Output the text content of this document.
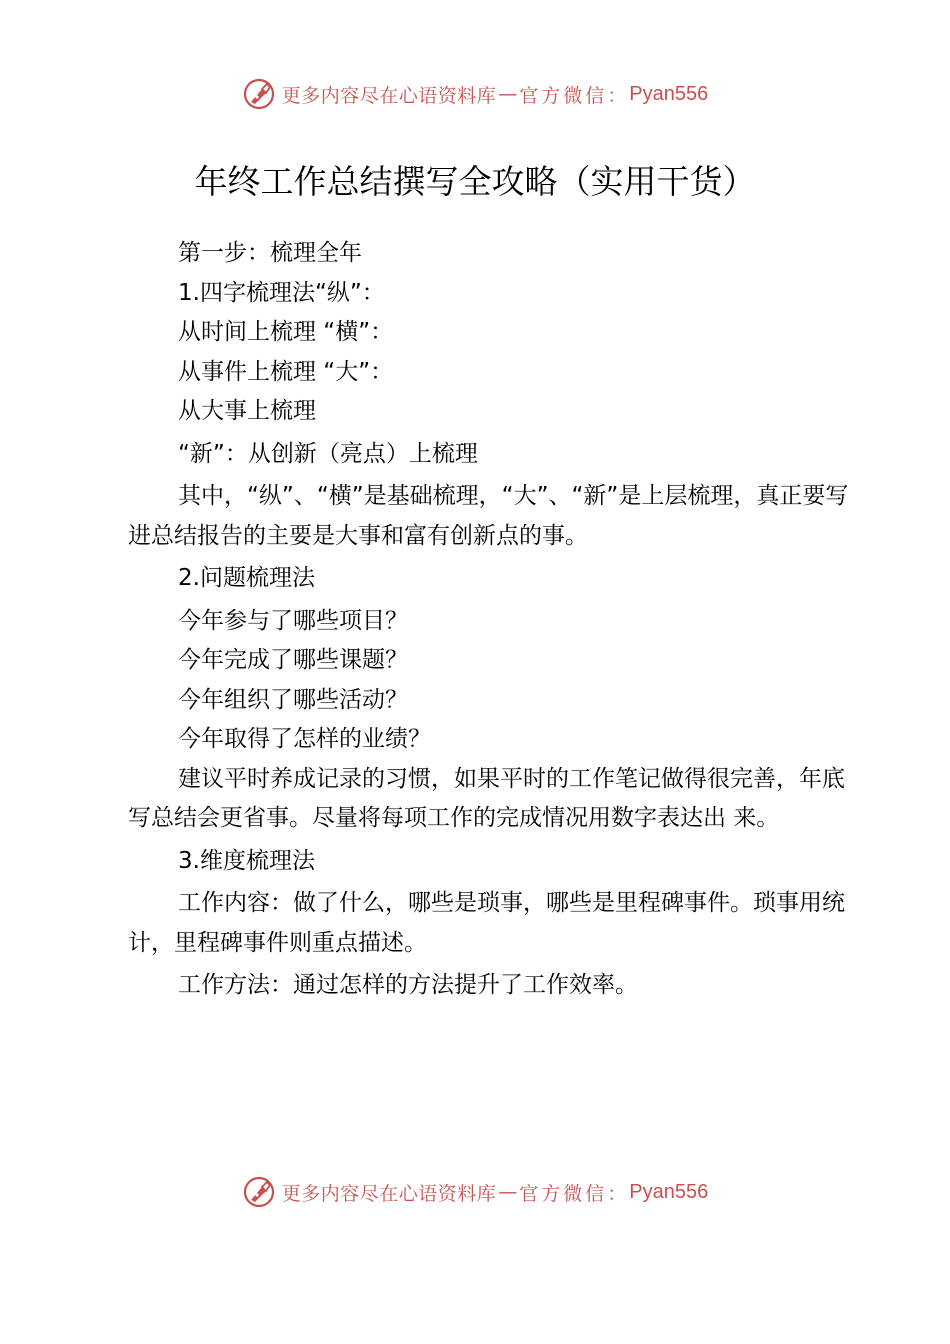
更多内容尽在心语资料库 — 官方微信： Pyan556
年终工作总结撰写全攻略（实用干货）
第一步：梳理全年
1.四字梳理法“纵”：
从时间上梳理 “横”：
从事件上梳理 “大”：
从大事上梳理
“新”：从创新（亮点）上梳理
其中，“纵”、“横”是基础梳理，“大”、“新”是上层梳理，真正要写进总结报告的主要是大事和富有创新点的事。
2.问题梳理法
今年参与了哪些项目？
今年完成了哪些课题？
今年组织了哪些活动？
今年取得了怎样的业绩？
建议平时养成记录的习惯，如果平时的工作笔记做得很完善，年底写总结会更省事。尽量将每项工作的完成情况用数字表达出 来。
3.维度梳理法
工作内容：做了什么，哪些是琐事，哪些是里程碑事件。琐事用统计，里程碑事件则重点描述。
工作方法：通过怎样的方法提升了工作效率。
更多内容尽在心语资料库 — 官方微信： Pyan556
